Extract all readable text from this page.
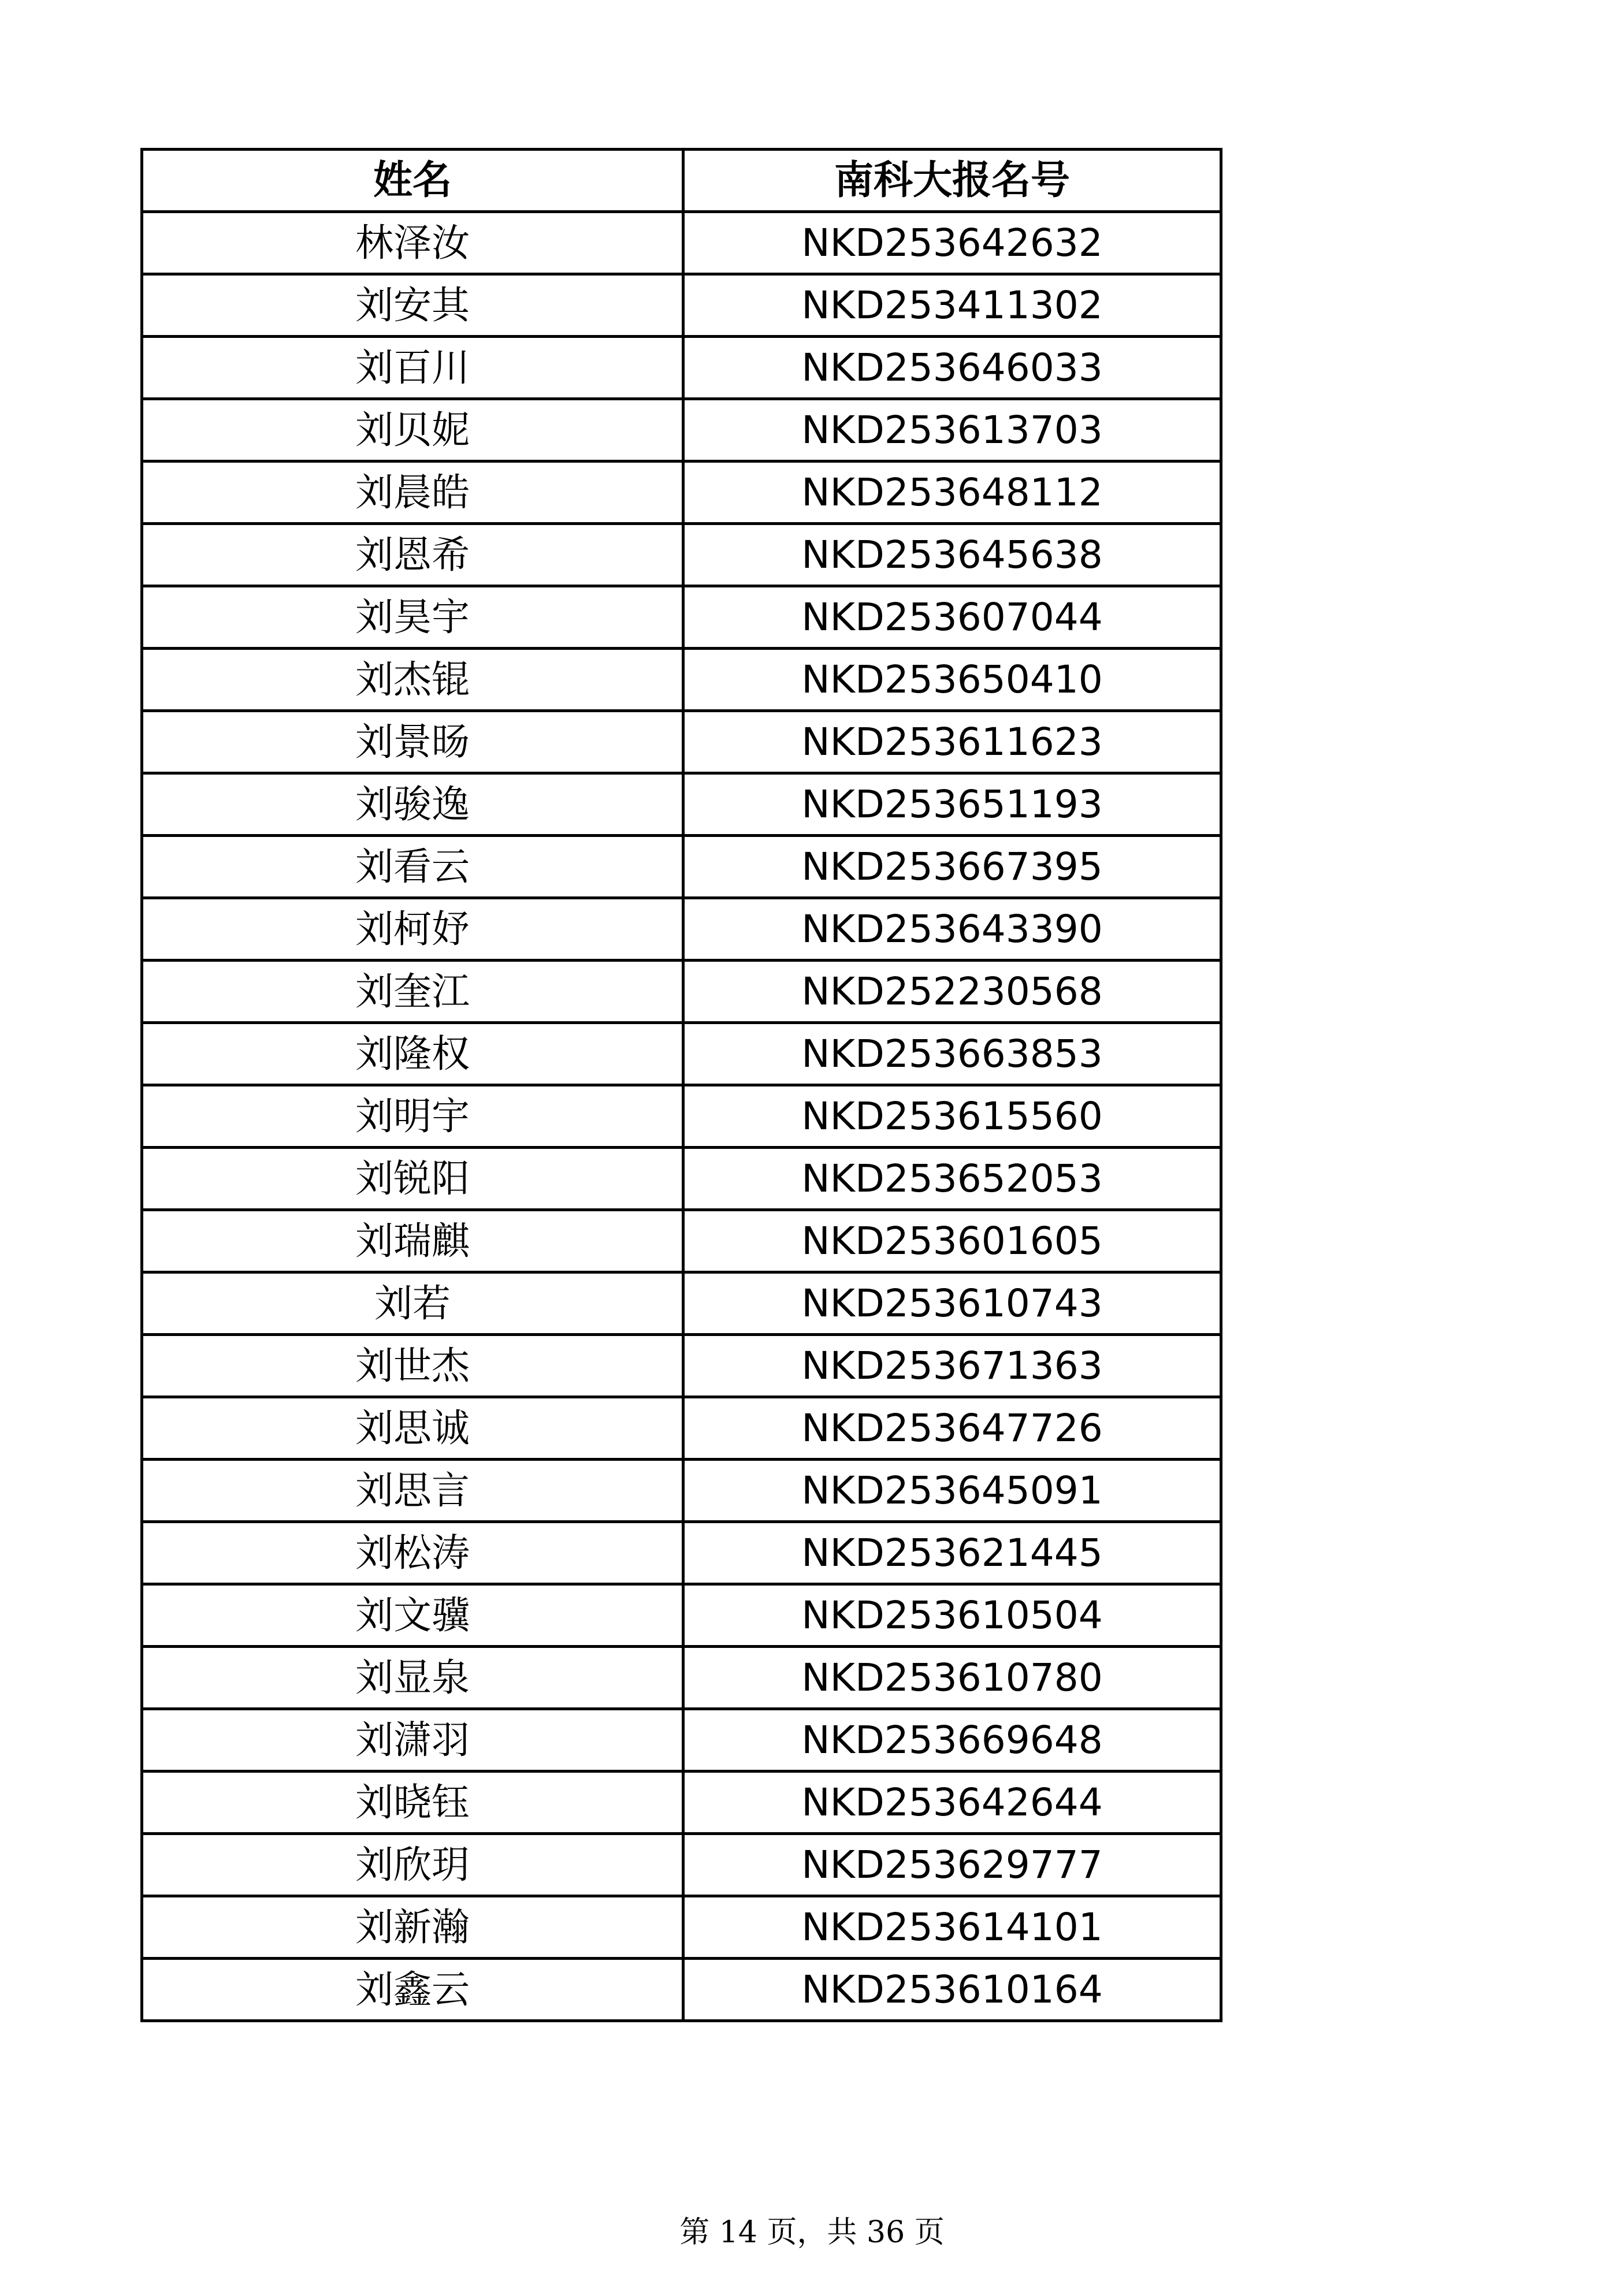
姓名	南科大报名号
林泽汝	NKD253642632
刘安其	NKD253411302
刘百川	NKD253646033
刘贝妮	NKD253613703
刘晨皓	NKD253648112
刘恩希	NKD253645638
刘昊宇	NKD253607044
刘杰锟	NKD253650410
刘景旸	NKD253611623
刘骏逸	NKD253651193
刘看云	NKD253667395
刘柯妤	NKD253643390
刘奎江	NKD252230568
刘隆权	NKD253663853
刘明宇	NKD253615560
刘锐阳	NKD253652053
刘瑞麒	NKD253601605
刘若	NKD253610743
刘世杰	NKD253671363
刘思诚	NKD253647726
刘思言	NKD253645091
刘松涛	NKD253621445
刘文骥	NKD253610504
刘显泉	NKD253610780
刘潇羽	NKD253669648
刘晓钰	NKD253642644
刘欣玥	NKD253629777
刘新瀚	NKD253614101
刘鑫云	NKD253610164
第 14 页，共 36 页
